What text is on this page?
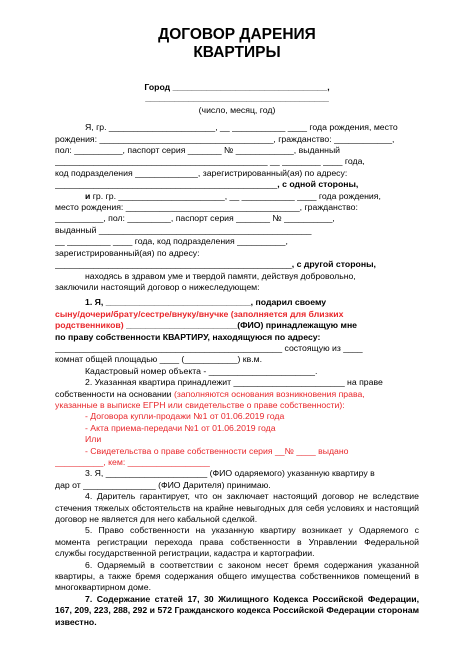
ДОГОВОР ДАРЕНИЯ

КВАРТИРЫ

Город ________________________________,

______________________________________

(число, месяц, год)

Я, гр. ______________________, __ ___________ ____ года рождения, место

рождения: ____________________________________, гражданство: ____________,

пол: __________, паспорт серия _______ № ____________, выданный

____________________________________________ __ ________ ____ года,

код подразделения _____________, зарегистрированный(ая) по адресу:

______________________________________________, с одной стороны,

и гр. гр. ______________________, __ ___________ ____ года рождения,

место рождения: ____________________________________, гражданство:

__________, пол: _________, паспорт серия _______ № __________,

выданный ____________________________________________

__ _________ ____ года, код подразделения __________,

зарегистрированный(ая) по адресу:

_________________________________________________, с другой стороны,

находясь в здравом уме и твердой памяти, действуя добровольно,

заключили настоящий договор о нижеследующем:

1. Я, ______________________________, подарил своему

сыну/дочери/брату/сестре/внуку/внучке (заполняется для близких

родственников) _______________________(ФИО) принадлежащую мне

по праву собственности КВАРТИРУ, находящуюся по адресу:

_______________________________________________ состоящую из ____

комнат общей площадью ____ (___________) кв.м.

Кадастровый номер объекта - ______________________.

2. Указанная квартира принадлежит _______________________ на праве

собственности на основании (заполняются основания возникновения права,

указанные в выписке ЕГРН или свидетельстве о праве собственности):

- Договора купли-продажи №1 от 01.06.2019 года

- Акта приема-передачи №1 от 01.06.2019 года

Или

- Свидетельства о праве собственности серия __№ ____ выдано

__________, кем: _________________

3. Я, _____________________ (ФИО одаряемого) указанную квартиру в

дар от _______________ (ФИО Дарителя) принимаю.

4. Даритель гарантирует, что он заключает настоящий договор не вследствие стечения тяжелых обстоятельств на крайне невыгодных для себя условиях и настоящий договор не является для него кабальной сделкой.

5. Право собственности на указанную квартиру возникает у Одаряемого с момента регистрации перехода права собственности в Управлении Федеральной службы государственной регистрации, кадастра и картографии.

6. Одаряемый в соответствии с законом несет бремя содержания указанной квартиры, а также бремя содержания общего имущества собственников помещений в многоквартирном доме.

7. Содержание статей 17, 30 Жилищного Кодекса Российской Федерации, 167, 209, 223, 288, 292 и 572 Гражданского кодекса Российской Федерации сторонам известно.
